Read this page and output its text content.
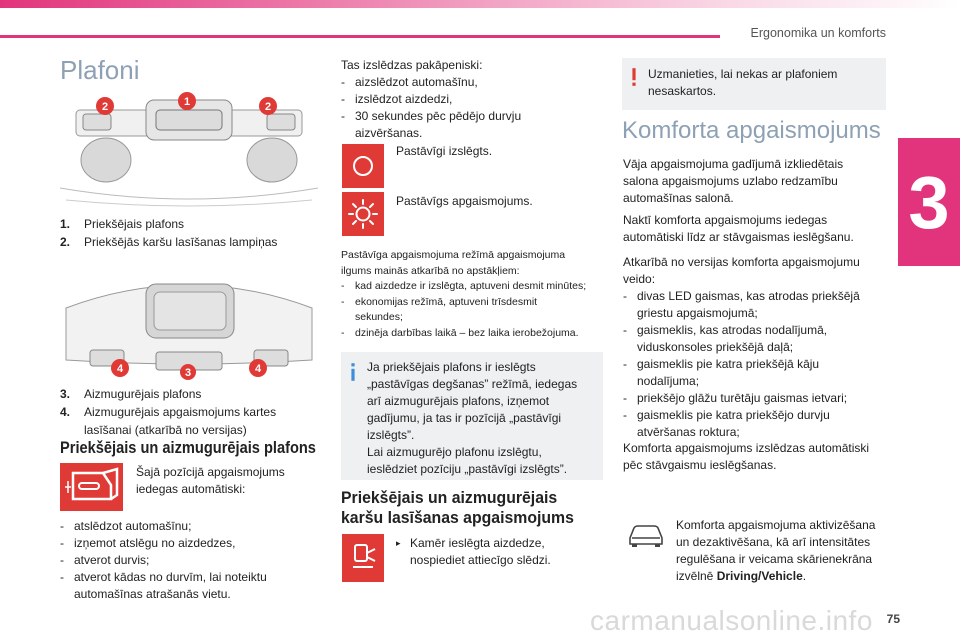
Ergonomika un komforts
3
Plafoni
2	1	2
1.	Priekšējais plafons
2.	Priekšējās karšu lasīšanas lampiņas
4	3	4
3.	Aizmugurējais plafons
4.	Aizmugurējais apgaismojums kartes
lasīšanai (atkarībā no versijas)
Priekšējais un aizmugurējais plafons
Šajā pozīcijā apgaismojums
iedegas automātiski:
- atslēdzot automašīnu;
- izņemot atslēgu no aizdedzes,
- atverot durvis;
- atverot kādas no durvīm, lai noteiktu
automašīnas atrašanās vietu.
Tas izslēdzas pakāpeniski:
- aizslēdzot automašīnu,
- izslēdzot aizdedzi,
- 30 sekundes pēc pēdējo durvju
aizvēršanas.
Pastāvīgi izslēgts.
Pastāvīgs apgaismojums.
Pastāvīga apgaismojuma režīmā apgaismojuma
ilgums mainās atkarībā no apstākļiem:
-	kad aizdedze ir izslēgta, aptuveni desmit minūtes;
-	ekonomijas režīmā, aptuveni trīsdesmit
sekundes;
-	dzinēja darbības laikā – bez laika ierobežojuma.
Ja priekšējais plafons ir ieslēgts
„pastāvīgas degšanas” režīmā, iedegas
arī aizmugurējais plafons, izņemot
gadījumu, ja tas ir pozīcijā „pastāvīgi
izslēgts”.
Lai aizmugurējo plafonu izslēgtu,
ieslēdziet pozīciju „pastāvīgi izslēgts”.
Priekšējais un aizmugurējais
karšu lasīšanas apgaismojums
▸ Kamēr ieslēgta aizdedze,
nospiediet attiecīgo slēdzi.
Uzmanieties, lai nekas ar plafoniem
nesaskartos.
Komforta apgaismojums
Vāja apgaismojuma gadījumā izkliedētais
salona apgaismojums uzlabo redzamību
automašīnas salonā.
Naktī komforta apgaismojums iedegas
automātiski līdz ar stāvgaismas ieslēgšanu.
Atkarībā no versijas komforta apgaismojumu
veido:
- divas LED gaismas, kas atrodas priekšējā
griestu apgaismojumā;
- gaismeklis, kas atrodas nodalījumā,
viduskonsoles priekšējā daļā;
- gaismeklis pie katra priekšējā kāju
nodalījuma;
- priekšējo glāžu turētāju gaismas ietvari;
- gaismeklis pie katra priekšējo durvju
atvēršanas roktura;
Komforta apgaismojums izslēdzas automātiski
pēc stāvgaismu ieslēgšanas.
Komforta apgaismojuma aktivizēšana
un dezaktivēšana, kā arī intensitātes
regulēšana ir veicama skārienekrāna
izvēlnē Driving/Vehicle.
carmanualsonline.info 75
